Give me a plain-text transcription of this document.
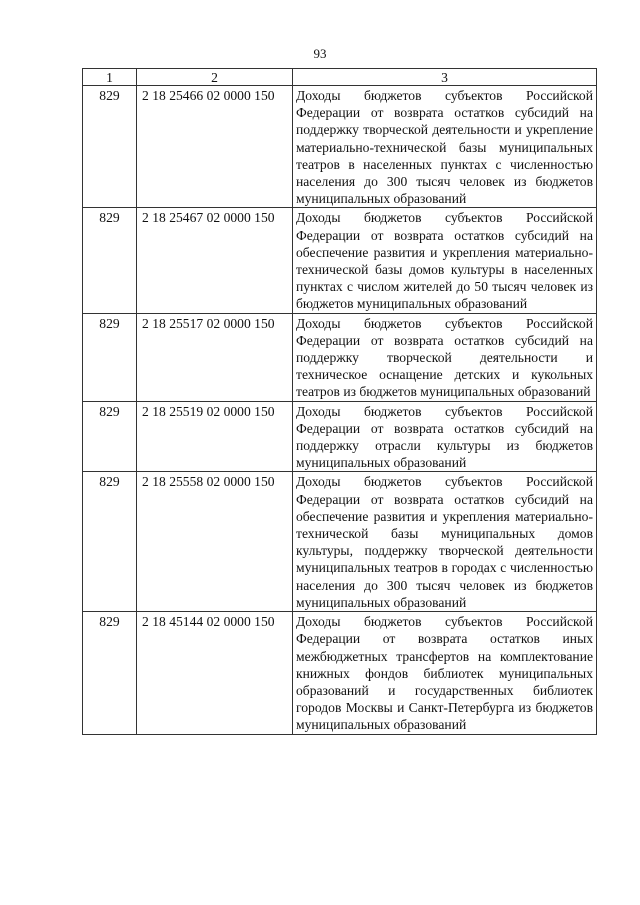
93
1	2	3
829	2 18 25466 02 0000 150	Доходы бюджетов субъектов Российской Федерации от возврата остатков субсидий на поддержку творческой деятельности и укрепление материально-технической базы муниципальных театров в населенных пунктах с численностью населения до 300 тысяч человек из бюджетов муниципальных образований
829	2 18 25467 02 0000 150	Доходы бюджетов субъектов Российской Федерации от возврата остатков субсидий на обеспечение развития и укрепления материально-технической базы домов культуры в населенных пунктах с числом жителей до 50 тысяч человек из бюджетов муниципальных образований
829	2 18 25517 02 0000 150	Доходы бюджетов субъектов Российской Федерации от возврата остатков субсидий на поддержку творческой деятельности и техническое оснащение детских и кукольных театров из бюджетов муниципальных образований
829	2 18 25519 02 0000 150	Доходы бюджетов субъектов Российской Федерации от возврата остатков субсидий на поддержку отрасли культуры из бюджетов муниципальных образований
829	2 18 25558 02 0000 150	Доходы бюджетов субъектов Российской Федерации от возврата остатков субсидий на обеспечение развития и укрепления материально-технической базы муниципальных домов культуры, поддержку творческой деятельности муниципальных театров в городах с численностью населения до 300 тысяч человек из бюджетов муниципальных образований
829	2 18 45144 02 0000 150	Доходы бюджетов субъектов Российской Федерации от возврата остатков иных межбюджетных трансфертов на комплектование книжных фондов библиотек муниципальных образований и государственных библиотек городов Москвы и Санкт-Петербурга из бюджетов муниципальных образований
